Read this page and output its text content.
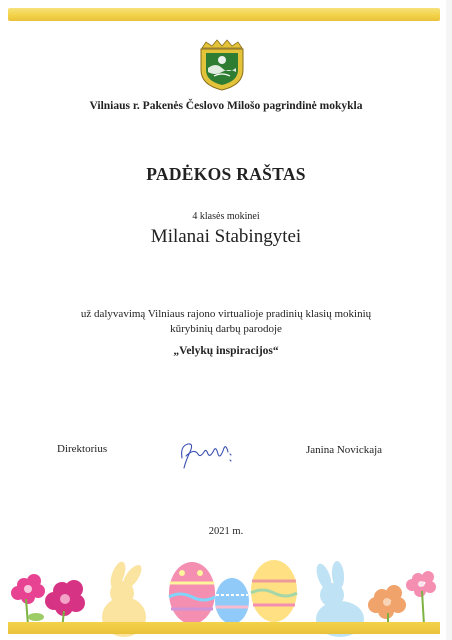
Vilniaus r. Pakenės Česlovo Milošo pagrindinė mokykla
PADĖKOS RAŠTAS
4 klasės mokinei
Milanai Stabingytei
už dalyvavimą Vilniaus rajono virtualioje pradinių klasių mokinių
kūrybinių darbų parodoje
„Velykų inspiracijos“
Direktorius	Janina Novickaja
2021 m.
